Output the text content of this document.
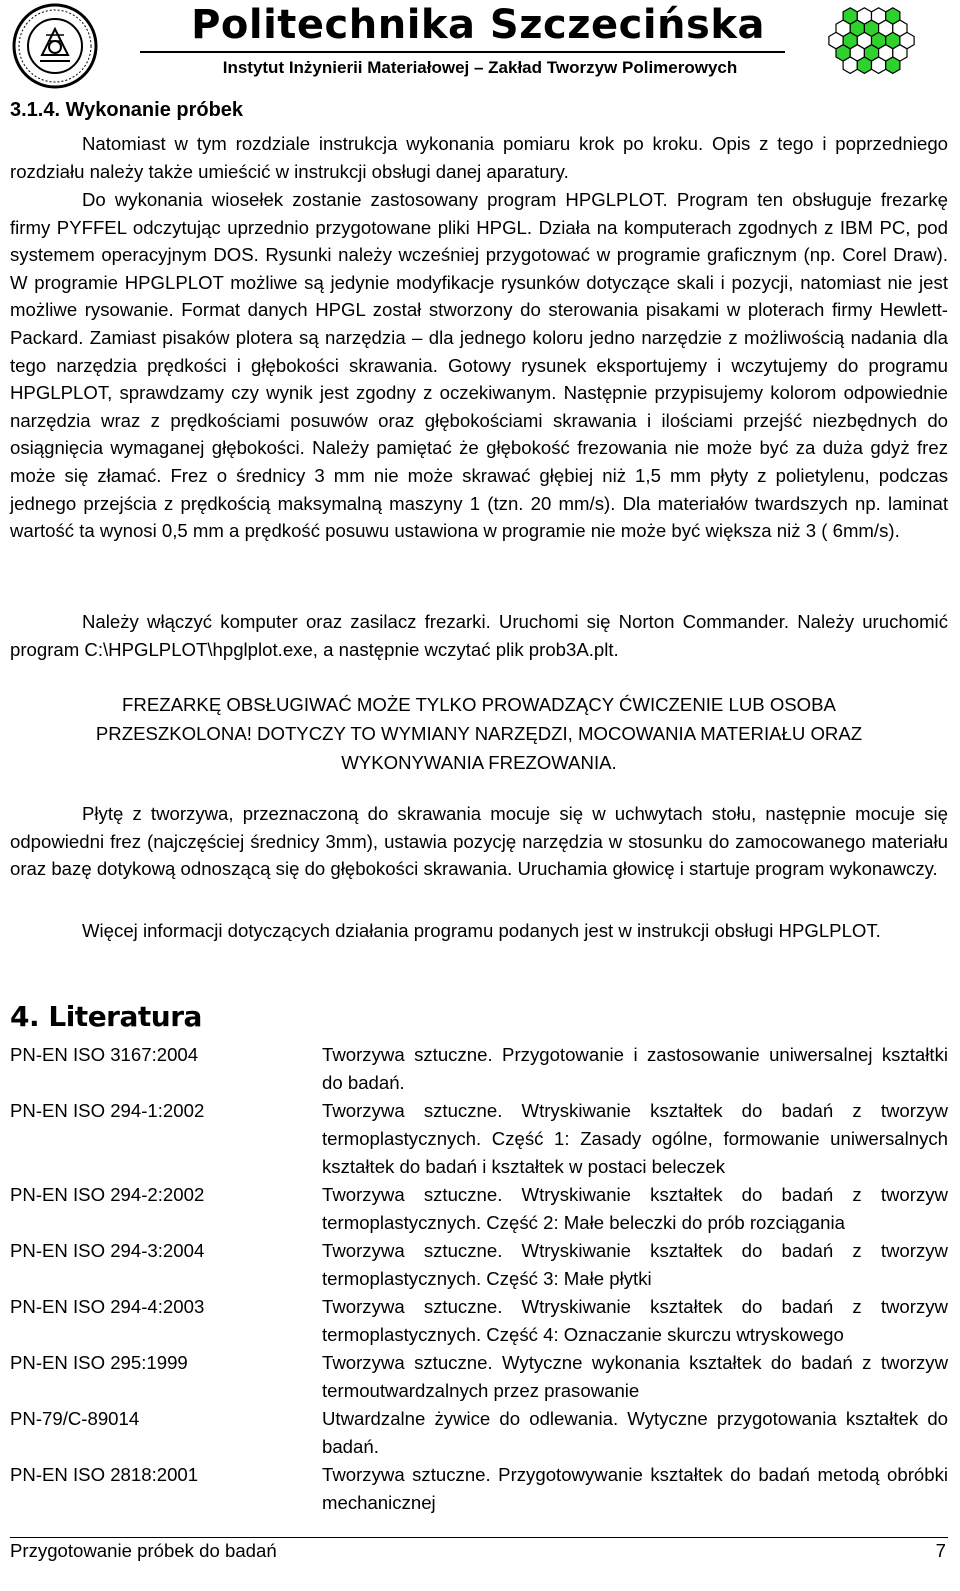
Politechnika Szczecińska
Instytut Inżynierii Materiałowej – Zakład Tworzyw Polimerowych
3.1.4. Wykonanie próbek

Natomiast w tym rozdziale instrukcja wykonania pomiaru krok po kroku. Opis z tego i poprzedniego rozdziału należy także umieścić w instrukcji obsługi danej aparatury.

Do wykonania wiosełek zostanie zastosowany program HPGLPLOT. Program ten obsługuje frezarkę firmy PYFFEL odczytując uprzednio przygotowane pliki HPGL. Działa na komputerach zgodnych z IBM PC, pod systemem operacyjnym DOS. Rysunki należy wcześniej przygotować w programie graficznym (np. Corel Draw). W programie HPGLPLOT możliwe są jedynie modyfikacje rysunków dotyczące skali i pozycji, natomiast nie jest możliwe rysowanie. Format danych HPGL został stworzony do sterowania pisakami w ploterach firmy Hewlett-Packard. Zamiast pisaków plotera są narzędzia – dla jednego koloru jedno narzędzie z możliwością nadania dla tego narzędzia prędkości i głębokości skrawania. Gotowy rysunek eksportujemy i wczytujemy do programu HPGLPLOT, sprawdzamy czy wynik jest zgodny z oczekiwanym. Następnie przypisujemy kolorom odpowiednie narzędzia wraz z prędkościami posuwów oraz głębokościami skrawania i ilościami przejść niezbędnych do osiągnięcia wymaganej głębokości. Należy pamiętać że głębokość frezowania nie może być za duża gdyż frez może się złamać. Frez o średnicy 3 mm nie może skrawać głębiej niż 1,5 mm płyty z polietylenu, podczas jednego przejścia z prędkością maksymalną maszyny 1 (tzn. 20 mm/s). Dla materiałów twardszych np. laminat wartość ta wynosi 0,5 mm a prędkość posuwu ustawiona w programie nie może być większa niż 3 ( 6mm/s).

Należy włączyć komputer oraz zasilacz frezarki. Uruchomi się Norton Commander. Należy uruchomić program C:\HPGLPLOT\hpglplot.exe, a następnie wczytać plik prob3A.plt.

FREZARKĘ OBSŁUGIWAĆ MOŻE TYLKO PROWADZĄCY ĆWICZENIE LUB OSOBA
PRZESZKOLONA! DOTYCZY TO WYMIANY NARZĘDZI, MOCOWANIA MATERIAŁU ORAZ
WYKONYWANIA FREZOWANIA.

Płytę z tworzywa, przeznaczoną do skrawania mocuje się w uchwytach stołu, następnie mocuje się odpowiedni frez (najczęściej średnicy 3mm), ustawia pozycję narzędzia w stosunku do zamocowanego materiału oraz bazę dotykową odnoszącą się do głębokości skrawania. Uruchamia głowicę i startuje program wykonawczy.

Więcej informacji dotyczących działania programu podanych jest w instrukcji obsługi HPGLPLOT.

4. Literatura
PN-EN ISO 3167:2004	Tworzywa sztuczne. Przygotowanie i zastosowanie uniwersalnej kształtki do badań.
PN-EN ISO 294-1:2002	Tworzywa sztuczne. Wtryskiwanie kształtek do badań z tworzyw termoplastycznych. Część 1: Zasady ogólne, formowanie uniwersalnych kształtek do badań i kształtek w postaci beleczek
PN-EN ISO 294-2:2002	Tworzywa sztuczne. Wtryskiwanie kształtek do badań z tworzyw termoplastycznych. Część 2: Małe beleczki do prób rozciągania
PN-EN ISO 294-3:2004	Tworzywa sztuczne. Wtryskiwanie kształtek do badań z tworzyw termoplastycznych. Część 3: Małe płytki
PN-EN ISO 294-4:2003	Tworzywa sztuczne. Wtryskiwanie kształtek do badań z tworzyw termoplastycznych. Część 4: Oznaczanie skurczu wtryskowego
PN-EN ISO 295:1999	Tworzywa sztuczne. Wytyczne wykonania kształtek do badań z tworzyw termoutwardzalnych przez prasowanie
PN-79/C-89014	Utwardzalne żywice do odlewania. Wytyczne przygotowania kształtek do badań.
PN-EN ISO 2818:2001	Tworzywa sztuczne. Przygotowywanie kształtek do badań metodą obróbki mechanicznej
Przygotowanie próbek do badań	7
